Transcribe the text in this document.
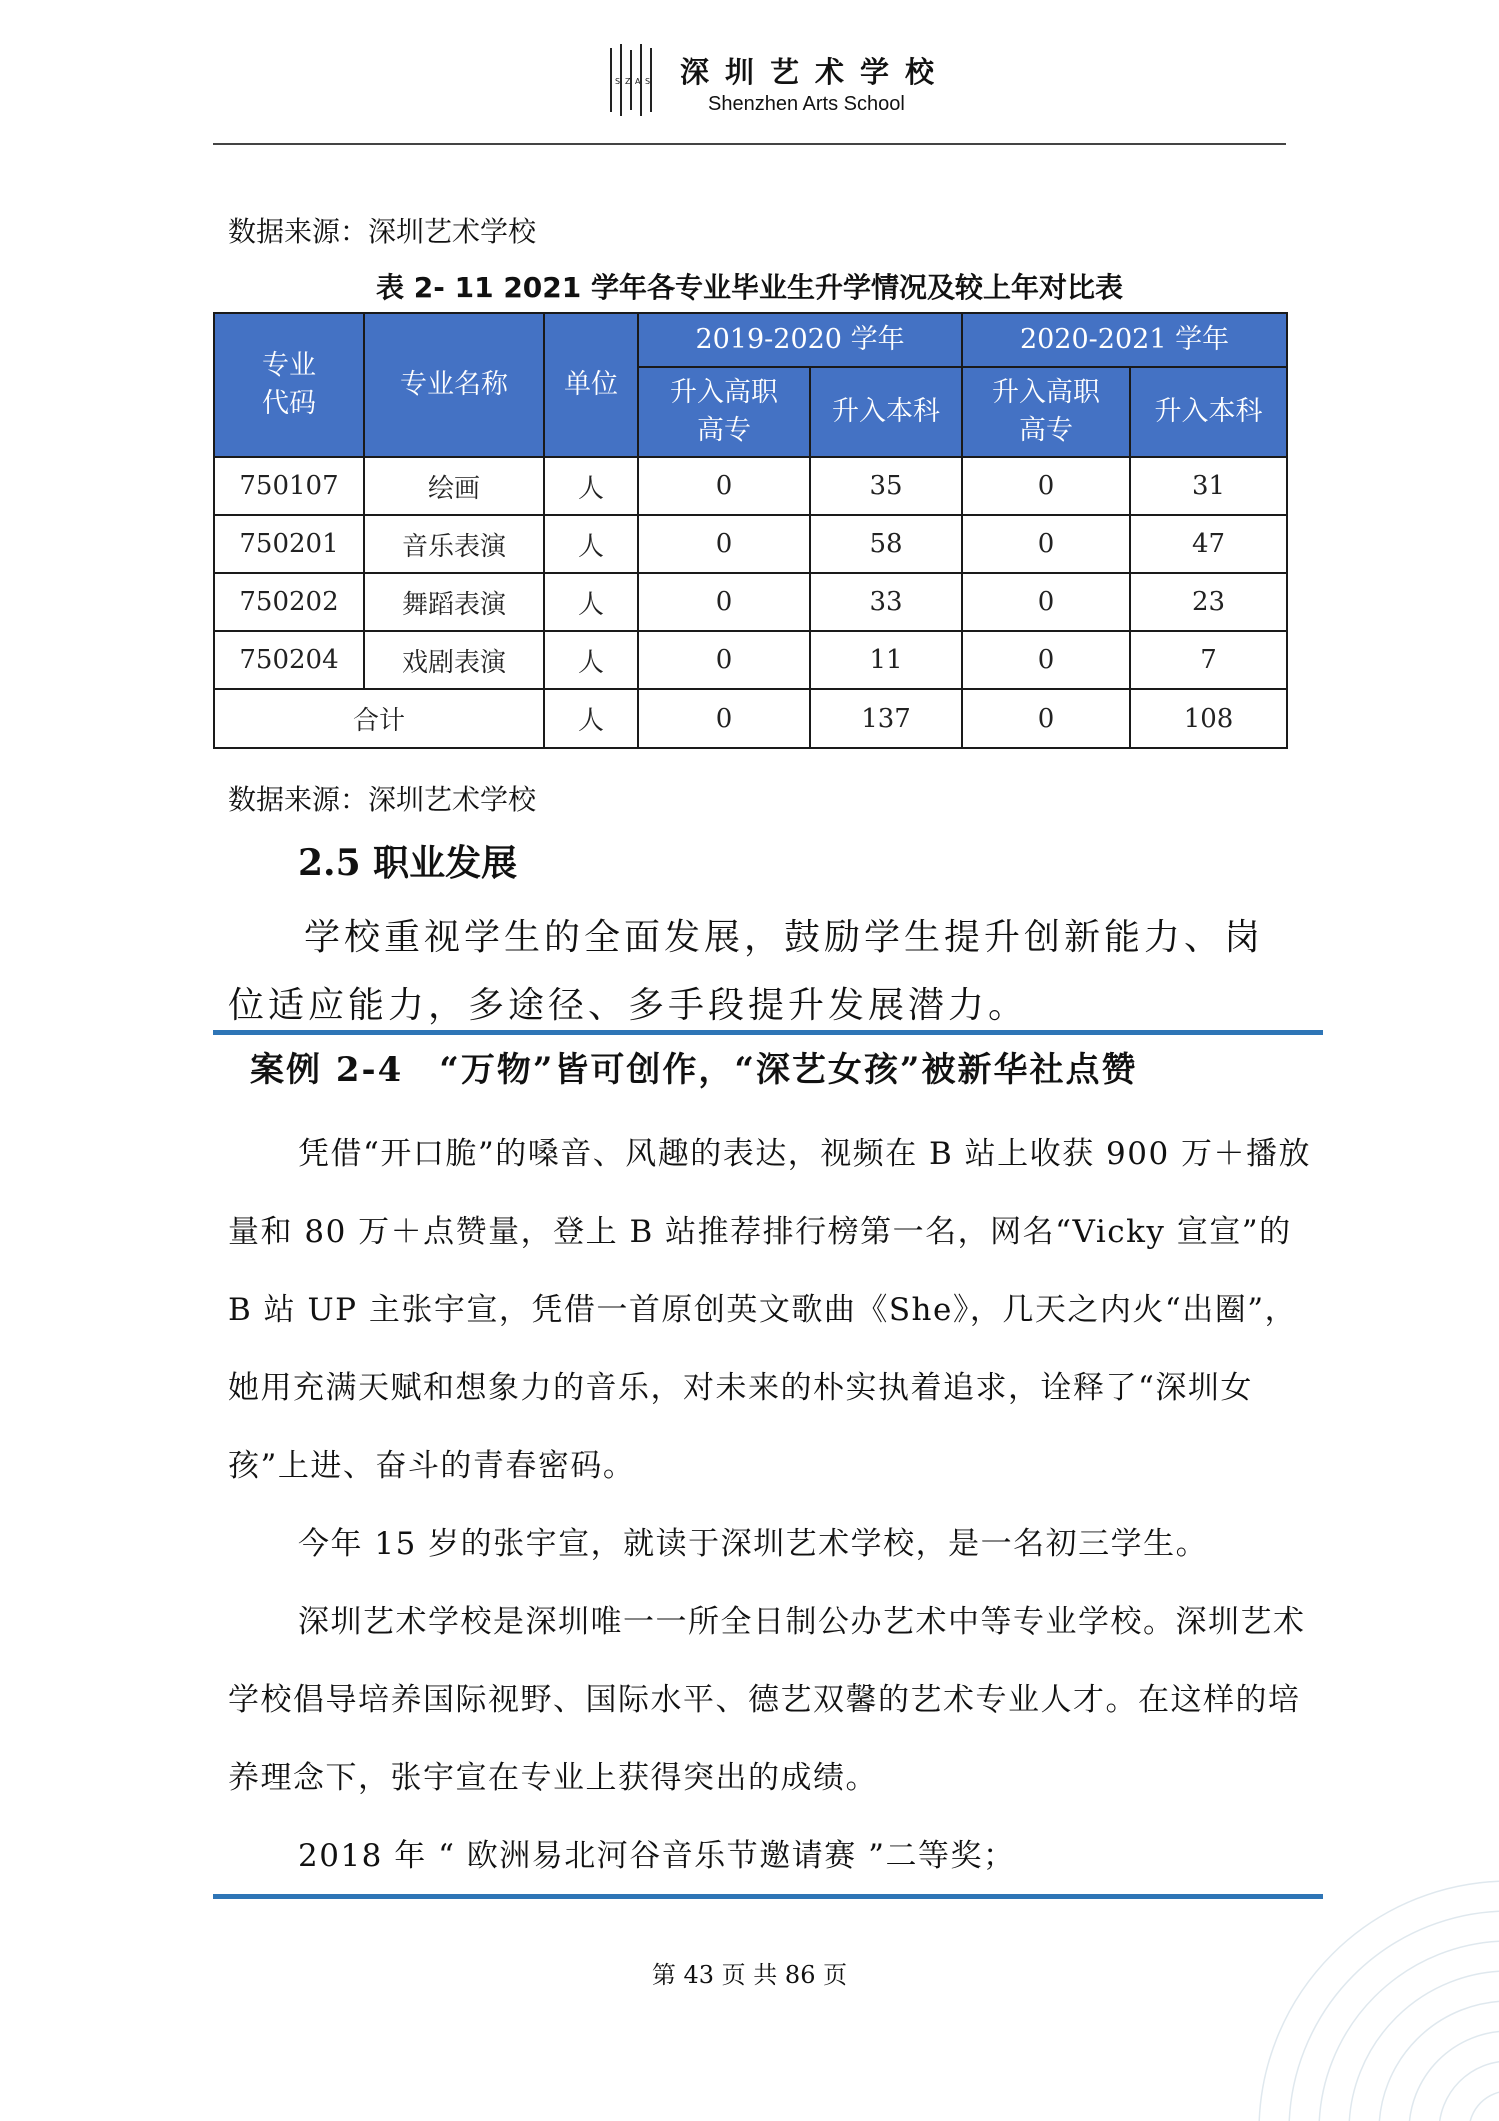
S Z A S 深圳艺术学校
Shenzhen Arts School
数据来源：深圳艺术学校
表 2- 11 2021 学年各专业毕业生升学情况及较上年对比表
专业代码	专业名称	单位	2019-2020 学年		2020-2021 学年	
			升入高职高专	升入本科	升入高职高专	升入本科
750107	绘画	人	0	35	0	31
750201	音乐表演	人	0	58	0	47
750202	舞蹈表演	人	0	33	0	23
750204	戏剧表演	人	0	11	0	7
合计		人	0	137	0	108
数据来源：深圳艺术学校
2.5 职业发展
学校重视学生的全面发展，鼓励学生提升创新能力、岗位适应能力，多途径、多手段提升发展潜力。
案例 2-4　“万物”皆可创作，“深艺女孩”被新华社点赞

凭借“开口脆”的嗓音、风趣的表达，视频在 B 站上收获 900 万＋播放量和 80 万＋点赞量，登上 B 站推荐排行榜第一名，网名“Vicky 宣宣”的 B 站 UP 主张宇宣，凭借一首原创英文歌曲《She》，几天之内火“出圈”，她用充满天赋和想象力的音乐，对未来的朴实执着追求，诠释了“深圳女孩”上进、奋斗的青春密码。

今年 15 岁的张宇宣，就读于深圳艺术学校，是一名初三学生。

深圳艺术学校是深圳唯一一所全日制公办艺术中等专业学校。深圳艺术学校倡导培养国际视野、国际水平、德艺双馨的艺术专业人才。在这样的培养理念下，张宇宣在专业上获得突出的成绩。

2018 年 “ 欧洲易北河谷音乐节邀请赛 ”二等奖；

第 43 页 共 86 页
